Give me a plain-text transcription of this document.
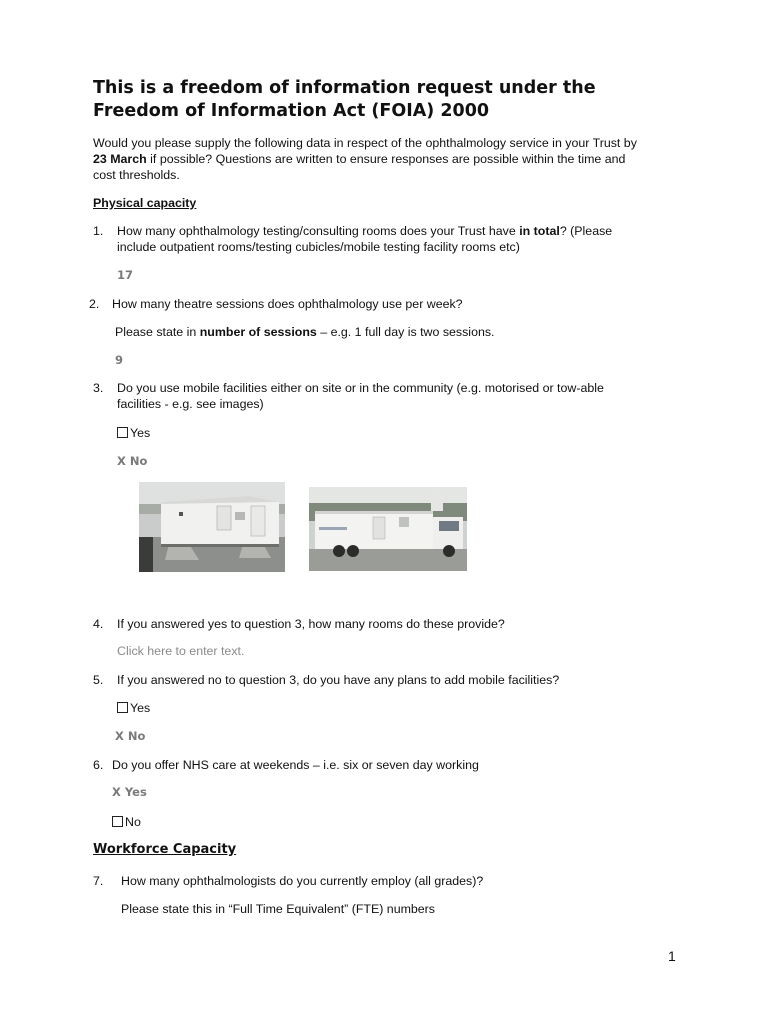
This is a freedom of information request under the
Freedom of Information Act (FOIA) 2000
Would you please supply the following data in respect of the ophthalmology service in your Trust by
23 March if possible? Questions are written to ensure responses are possible within the time and
cost thresholds.
Physical capacity
1. How many ophthalmology testing/consulting rooms does your Trust have in total? (Please
include outpatient rooms/testing cubicles/mobile testing facility rooms etc)
17
2. How many theatre sessions does ophthalmology use per week?
Please state in number of sessions – e.g. 1 full day is two sessions.
9
3. Do you use mobile facilities either on site or in the community (e.g. motorised or tow-able
facilities - e.g. see images)
Yes
X No
4. If you answered yes to question 3, how many rooms do these provide?
Click here to enter text.
5. If you answered no to question 3, do you have any plans to add mobile facilities?
Yes
X No
6. Do you offer NHS care at weekends – i.e. six or seven day working
X Yes
No
Workforce Capacity
7. How many ophthalmologists do you currently employ (all grades)?
Please state this in “Full Time Equivalent” (FTE) numbers
1
